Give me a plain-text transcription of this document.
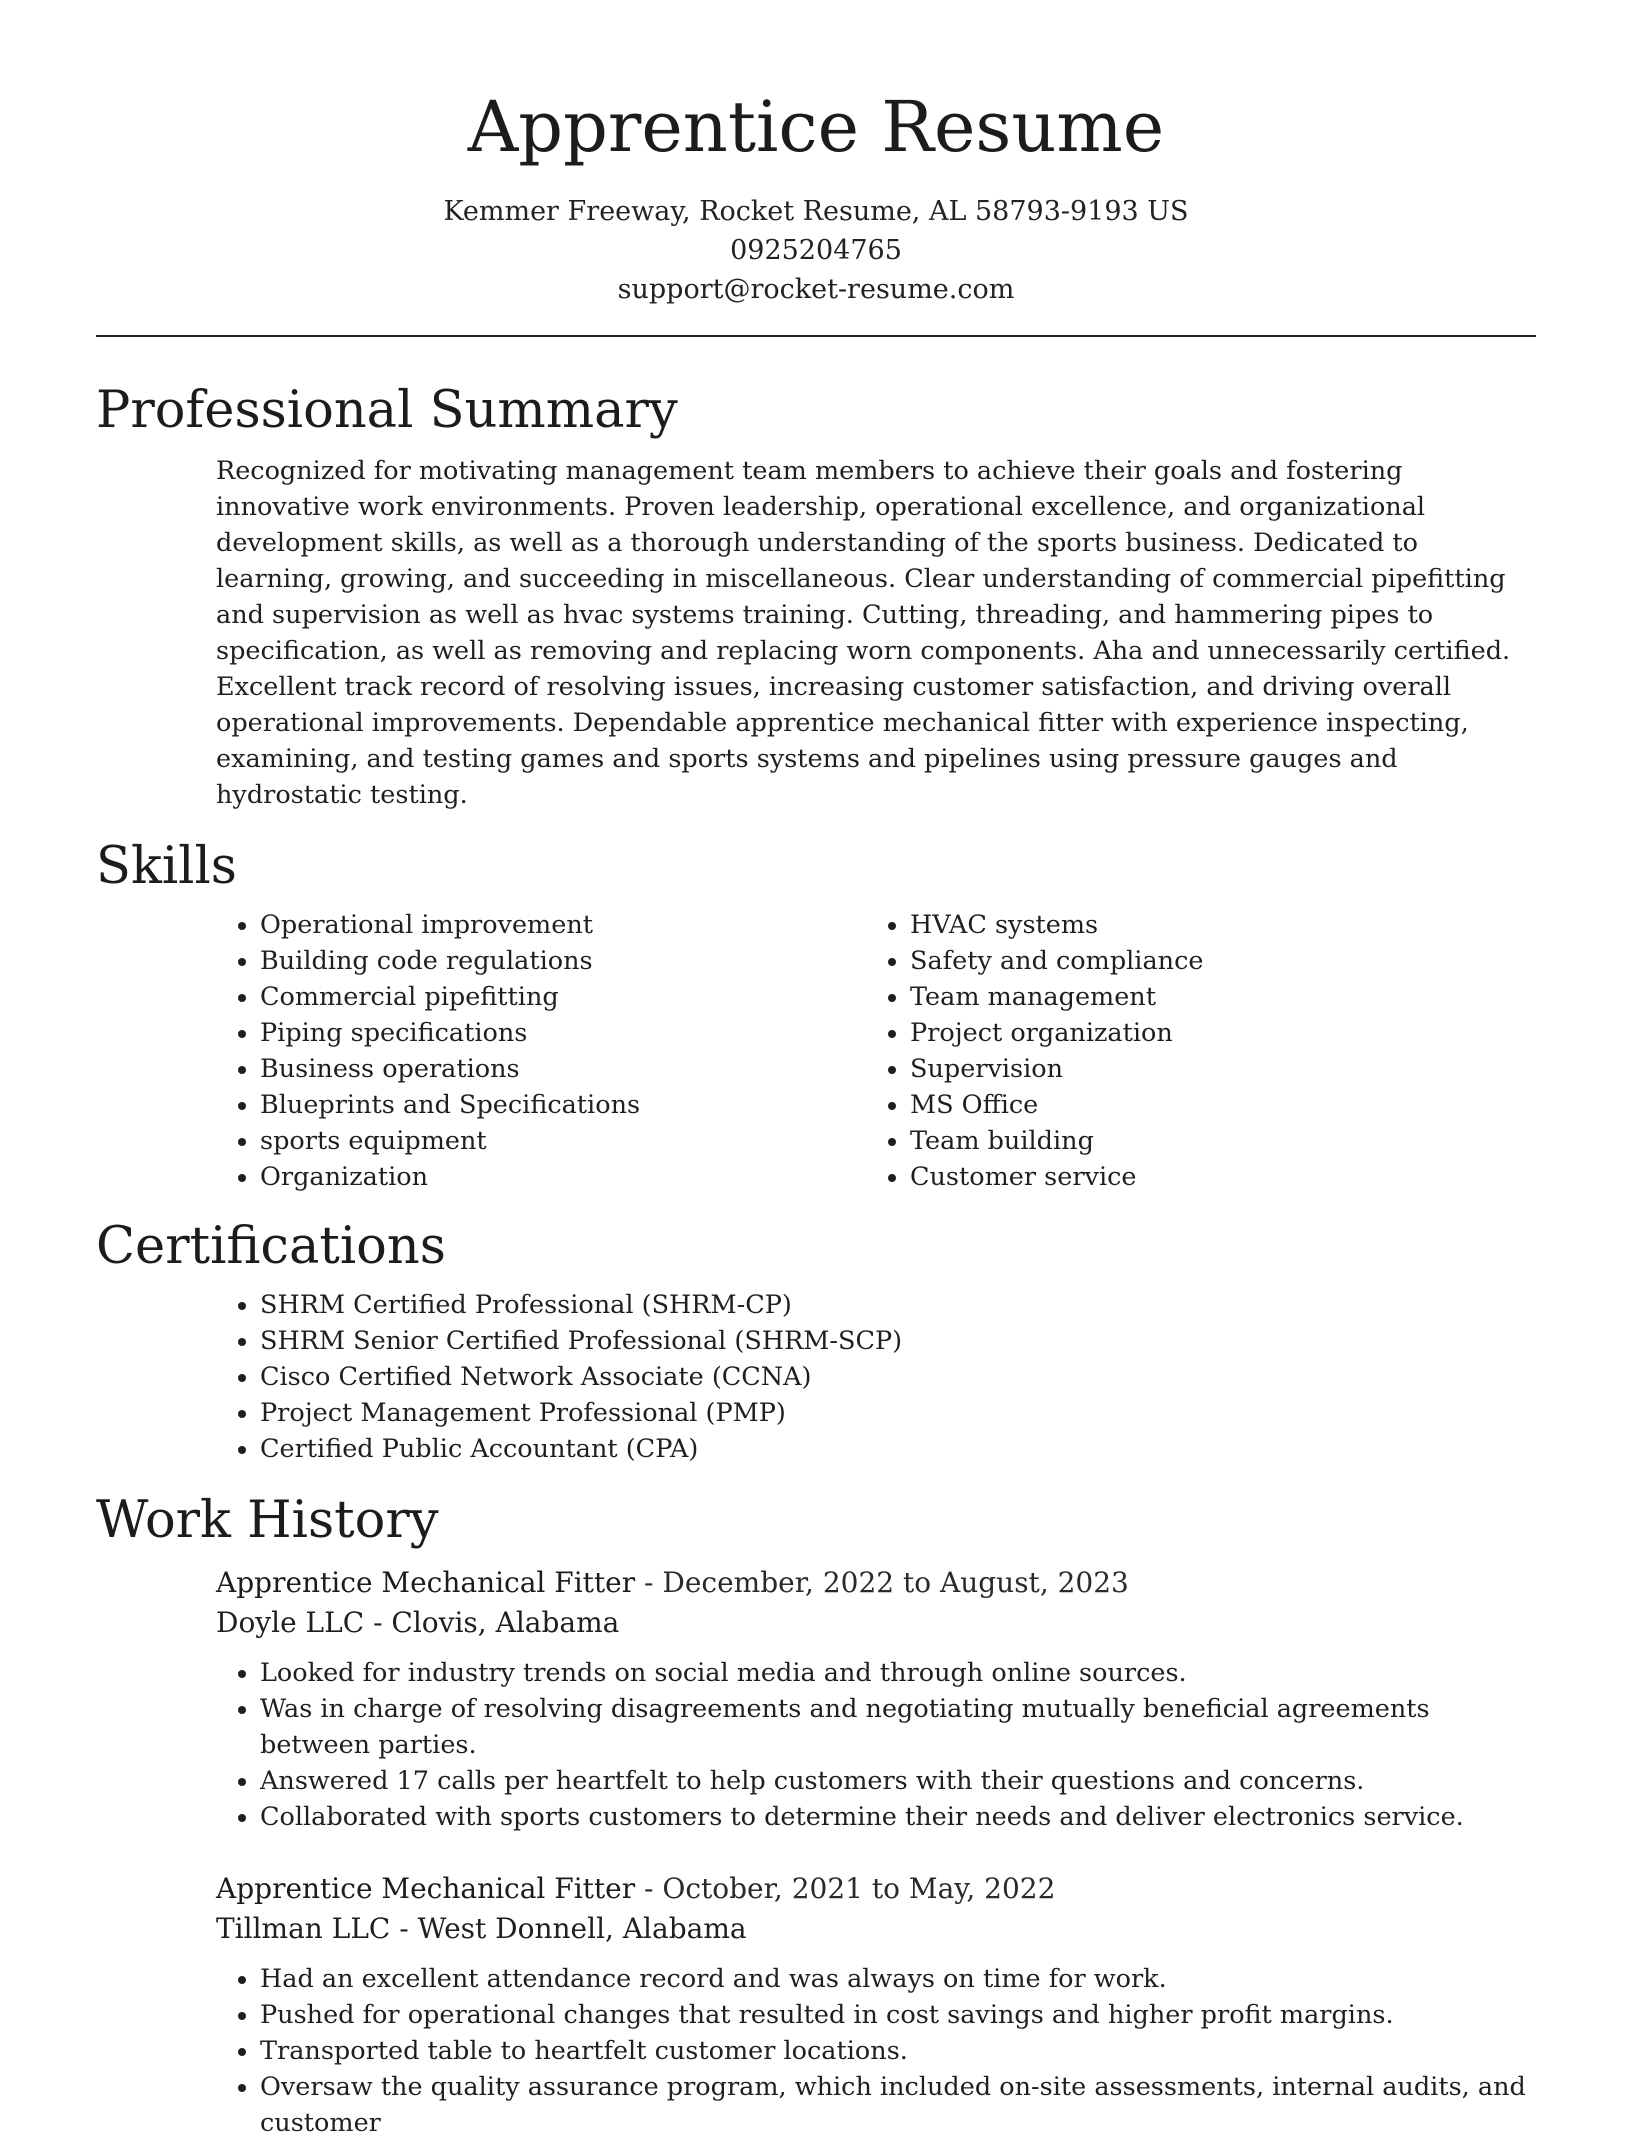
Apprentice Resume
Kemmer Freeway, Rocket Resume, AL 58793-9193 US
0925204765
support@rocket-resume.com
Professional Summary

Recognized for motivating management team members to achieve their goals and fostering innovative work environments. Proven leadership, operational excellence, and organizational development skills, as well as a thorough understanding of the sports business. Dedicated to learning, growing, and succeeding in miscellaneous. Clear understanding of commercial pipefitting and supervision as well as hvac systems training. Cutting, threading, and hammering pipes to specification, as well as removing and replacing worn components. Aha and unnecessarily certified. Excellent track record of resolving issues, increasing customer satisfaction, and driving overall operational improvements. Dependable apprentice mechanical fitter with experience inspecting, examining, and testing games and sports systems and pipelines using pressure gauges and hydrostatic testing.

Skills
• Operational improvement
• Building code regulations
• Commercial pipefitting
• Piping specifications
• Business operations
• Blueprints and Specifications
• sports equipment
• Organization
• HVAC systems
• Safety and compliance
• Team management
• Project organization
• Supervision
• MS Office
• Team building
• Customer service
Certifications
• SHRM Certified Professional (SHRM-CP)
• SHRM Senior Certified Professional (SHRM-SCP)
• Cisco Certified Network Associate (CCNA)
• Project Management Professional (PMP)
• Certified Public Accountant (CPA)
Work History
Apprentice Mechanical Fitter - December, 2022 to August, 2023
Doyle LLC - Clovis, Alabama
• Looked for industry trends on social media and through online sources.
• Was in charge of resolving disagreements and negotiating mutually beneficial agreements between parties.
• Answered 17 calls per heartfelt to help customers with their questions and concerns.
• Collaborated with sports customers to determine their needs and deliver electronics service.
Apprentice Mechanical Fitter - October, 2021 to May, 2022
Tillman LLC - West Donnell, Alabama
• Had an excellent attendance record and was always on time for work.
• Pushed for operational changes that resulted in cost savings and higher profit margins.
• Transported table to heartfelt customer locations.
• Oversaw the quality assurance program, which included on-site assessments, internal audits, and customer
